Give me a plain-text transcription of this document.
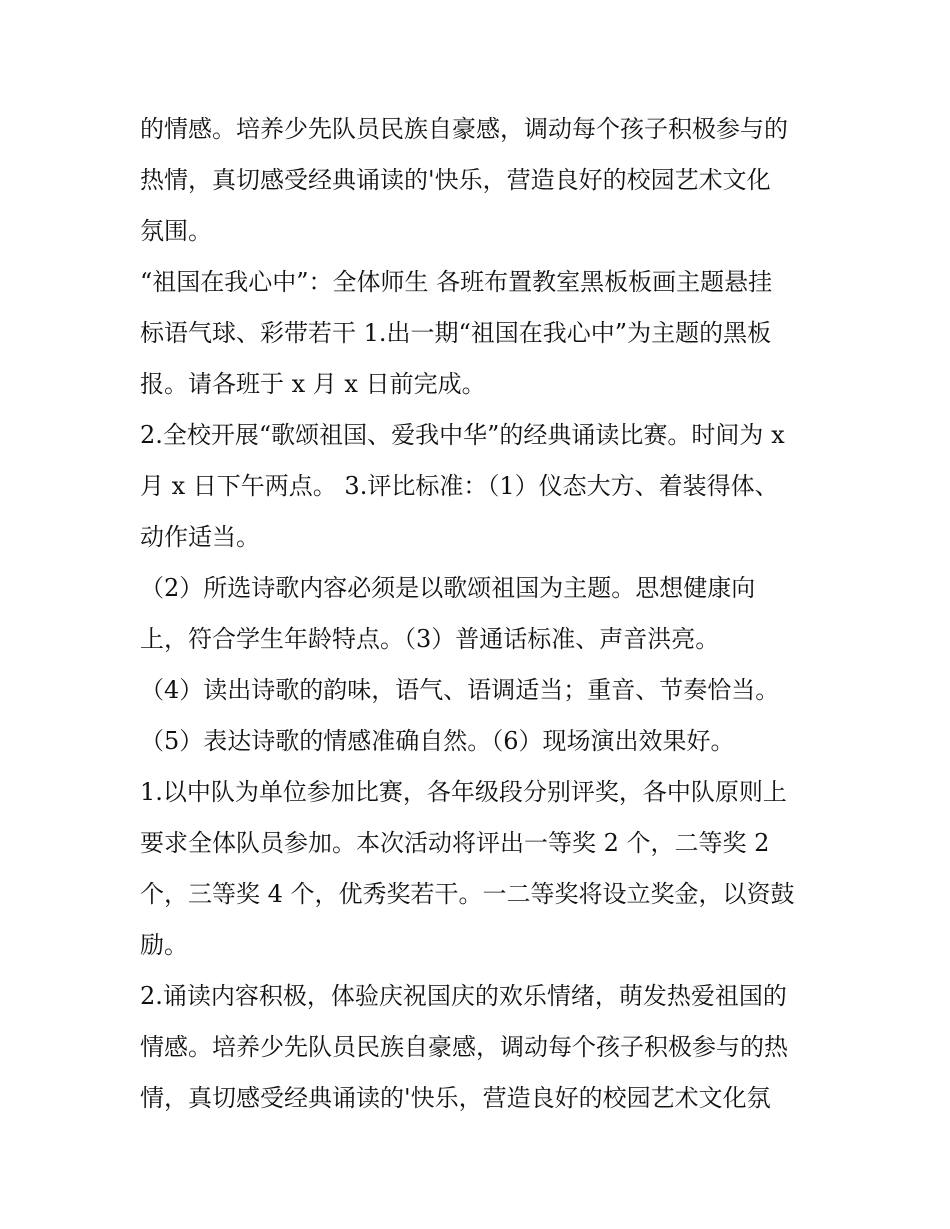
的情感。培养少先队员民族自豪感，调动每个孩子积极参与的
热情，真切感受经典诵读的'快乐，营造良好的校园艺术文化
氛围。
“祖国在我心中”：全体师生 各班布置教室黑板板画主题悬挂
标语气球、彩带若干 1.出一期“祖国在我心中”为主题的黑板
报。请各班于 x 月 x 日前完成。
2.全校开展“歌颂祖国、爱我中华”的经典诵读比赛。时间为 x
月 x 日下午两点。 3.评比标准：（1）仪态大方、着装得体、
动作适当。
（2）所选诗歌内容必须是以歌颂祖国为主题。思想健康向
上，符合学生年龄特点。（3）普通话标准、声音洪亮。
（4）读出诗歌的韵味，语气、语调适当；重音、节奏恰当。
（5）表达诗歌的情感准确自然。（6）现场演出效果好。
1.以中队为单位参加比赛，各年级段分别评奖，各中队原则上
要求全体队员参加。本次活动将评出一等奖 2 个，二等奖 2
个，三等奖 4 个，优秀奖若干。一二等奖将设立奖金，以资鼓
励。
2.诵读内容积极，体验庆祝国庆的欢乐情绪，萌发热爱祖国的
情感。培养少先队员民族自豪感，调动每个孩子积极参与的热
情，真切感受经典诵读的'快乐，营造良好的校园艺术文化氛
